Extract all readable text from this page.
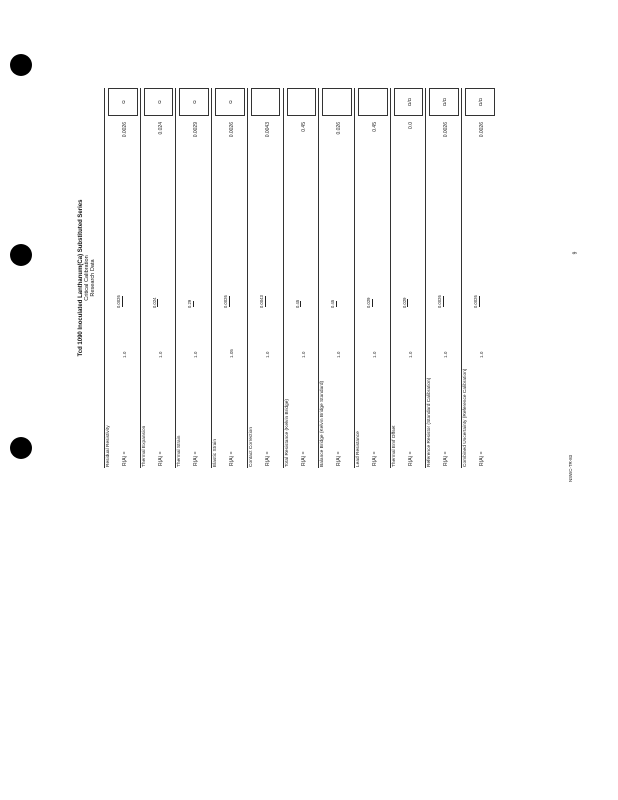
Tcd 1090 Inoculated Lanthanum(Ca) Substituted Series Critical Calibration Research Data
Residual Resistivity R(A) =
1.0
0.0026
0.0026
Ω
Thermal Expansion R(A) =
1.0
0.024
0.024
Ω
Thermal Strain R(A) =
1.0
0.29
0.0029
Ω
Elastic Strain R(A) =
1.05
0.0026
0.0026
Ω
Contact Correction R(A) =
1.0
0.0043
0.0043
Total Resistance (Kelvin Bridge) R(A) =
1.0
0.45
0.45
Balance Bridge (Kelvin Bridge Standard) R(A) =
1.0
0.45
0.026
Lead Resistance R(A) =
1.0
0.029
0.45
Thermal Emf Offset R(A) =
1.0
0.029
0.0
Ω/Ω
Reference Resistor (Standard Calibration) R(A) =
1.0
0.0026
0.0026
Ω/Ω
Combined Uncertainty (Reference Calibration) R(A) =
1.0
0.0026
0.0026
Ω/Ω
9
NSWC-TR-83
